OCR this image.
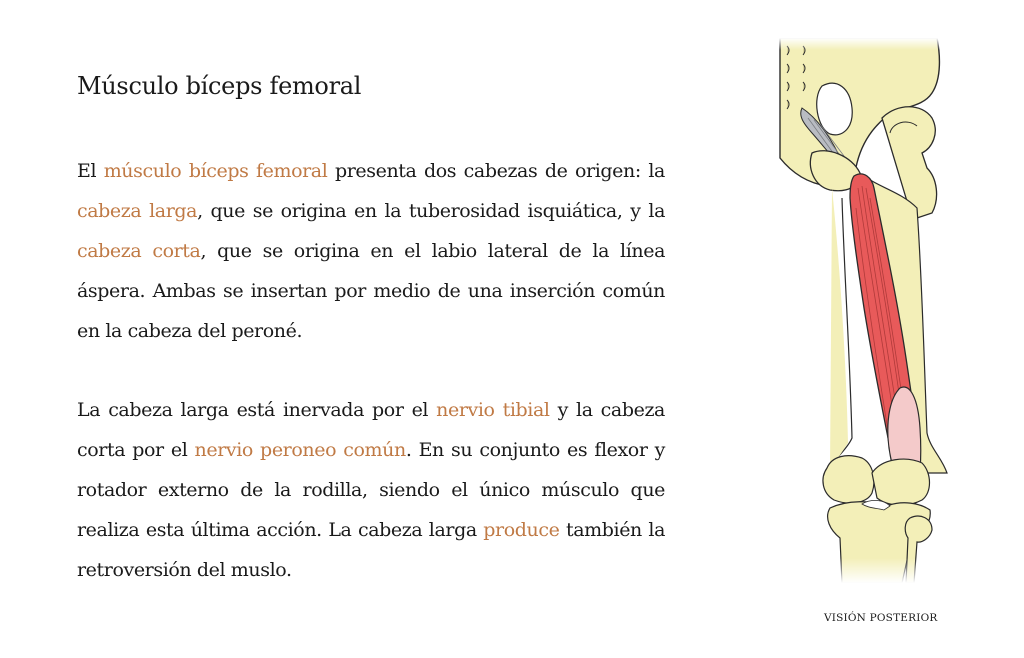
Músculo bíceps femoral

El músculo bíceps femoral presenta dos cabezas de origen: la cabeza larga, que se origina en la tuberosidad isquiática, y la cabeza corta, que se origina en el labio lateral de la línea áspera. Ambas se insertan por medio de una inserción común en la cabeza del peroné.

La cabeza larga está inervada por el nervio tibial y la cabeza corta por el nervio peroneo común. En su conjunto es flexor y rotador externo de la rodilla, siendo el único músculo que realiza esta última acción. La cabeza larga produce también la retroversión del muslo.

VISIÓN POSTERIOR
